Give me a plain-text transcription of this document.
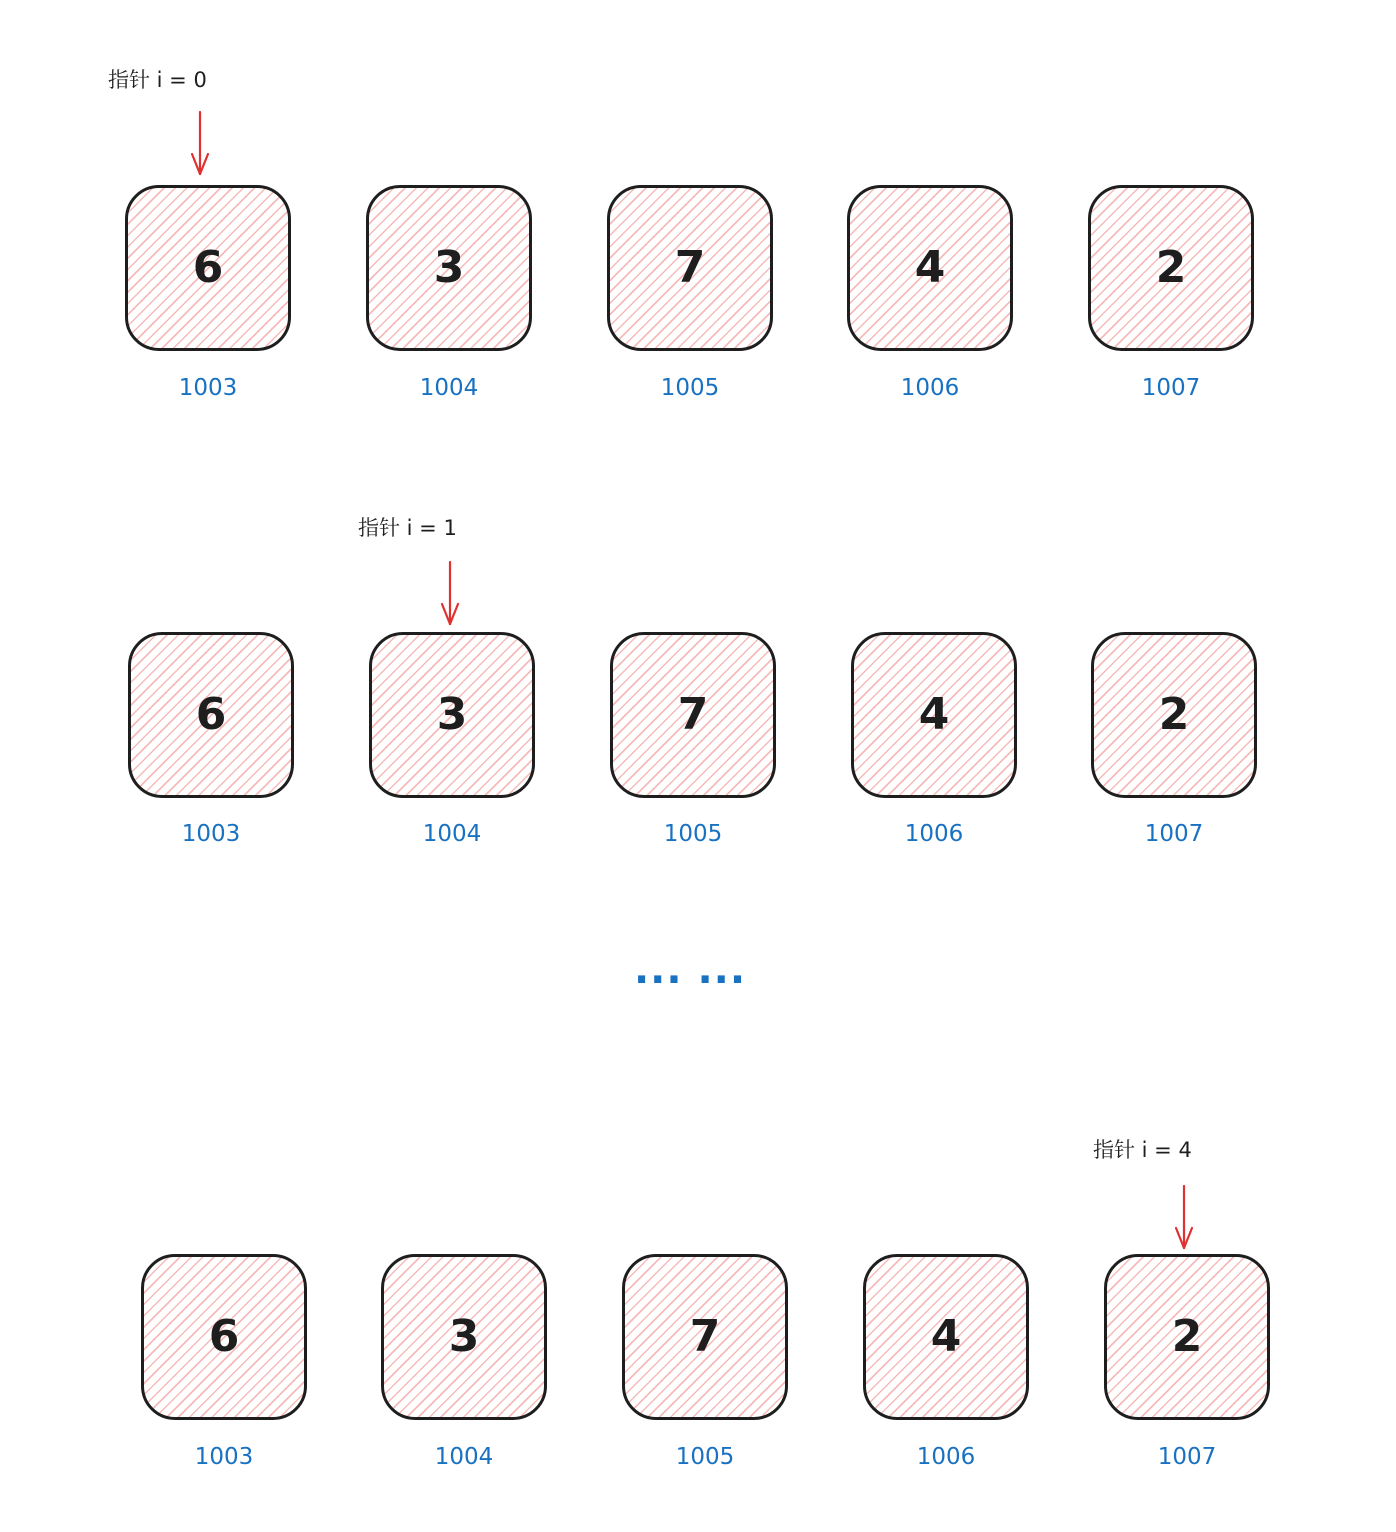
指针 i = 0
6	3	7	4	2
1003	1004	1005	1006	1007
指针 i = 1
6	3	7	4	2
1003	1004	1005	1006	1007
... ...
指针 i = 4
6	3	7	4	2
1003	1004	1005	1006	1007
